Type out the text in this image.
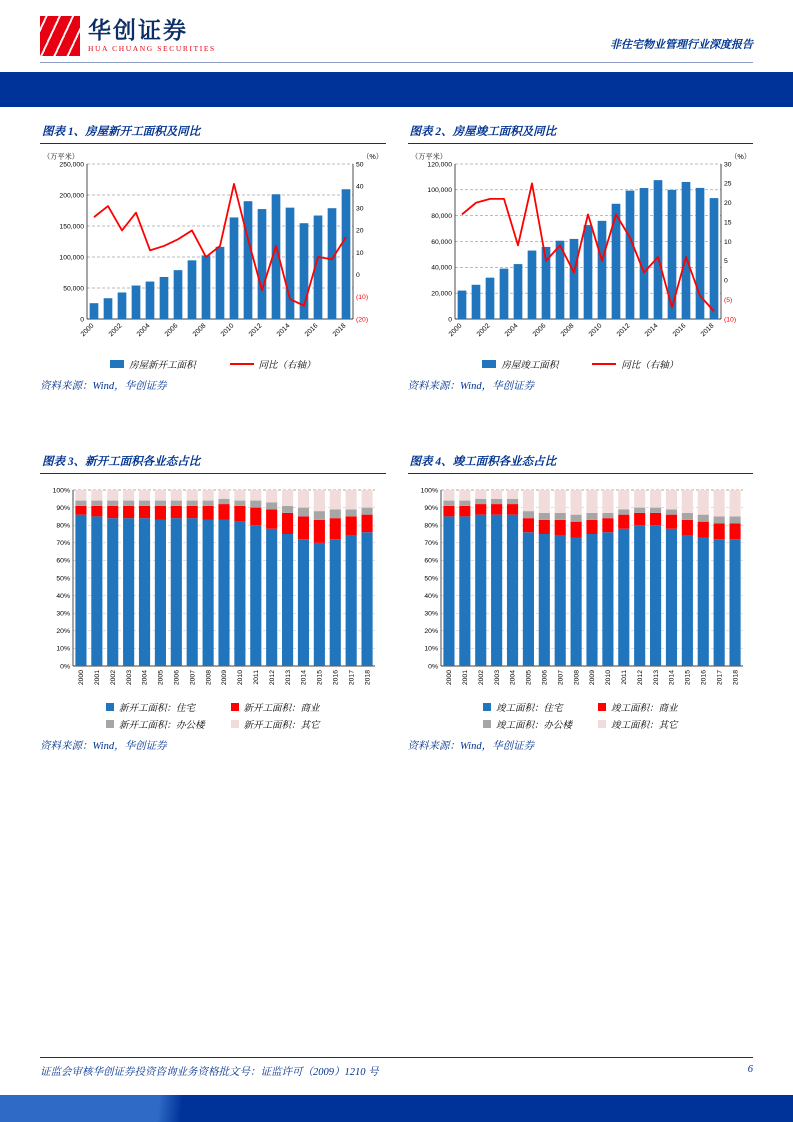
华创证券
HUA CHUANG SECURITIES	非住宅物业管理行业深度报告
图表 1、房屋新开工面积及同比
0
50,000
100,000
150,000
200,000
250,000
(20)
(10)
0
10
20
30
40
50
2000 2002 2004 2006 2008 2010 2012 2014 2016 2018
（万平米）	（%）
房屋新开工面积	同比（右轴）
资料来源：Wind，华创证券
图表 2、房屋竣工面积及同比
0
20,000
40,000
60,000
80,000
100,000
120,000
(10)
(5)
0
5
10
15
20
25
30
2000 2002 2004 2006 2008 2010 2012 2014 2016 2018
（万平米）	（%）
房屋竣工面积	同比（右轴）
资料来源：Wind，华创证券
图表 3、新开工面积各业态占比
0%
10%
20%
30%
40%
50%
60%
70%
80%
90%
100%
2000 2001 2002 2003 2004 2005 2006 2007 2008 2009 2010 2011 2012 2013 2014 2015 2016 2017 2018
新开工面积：住宅	新开工面积：商业
新开工面积：办公楼	新开工面积：其它
资料来源：Wind，华创证券
图表 4、竣工面积各业态占比
0%
10%
20%
30%
40%
50%
60%
70%
80%
90%
100%
2000 2001 2002 2003 2004 2005 2006 2007 2008 2009 2010 2011 2012 2013 2014 2015 2016 2017 2018
竣工面积：住宅	竣工面积：商业
竣工面积：办公楼	竣工面积：其它
资料来源：Wind，华创证券
证监会审核华创证券投资咨询业务资格批文号：证监许可（2009）1210 号	6
